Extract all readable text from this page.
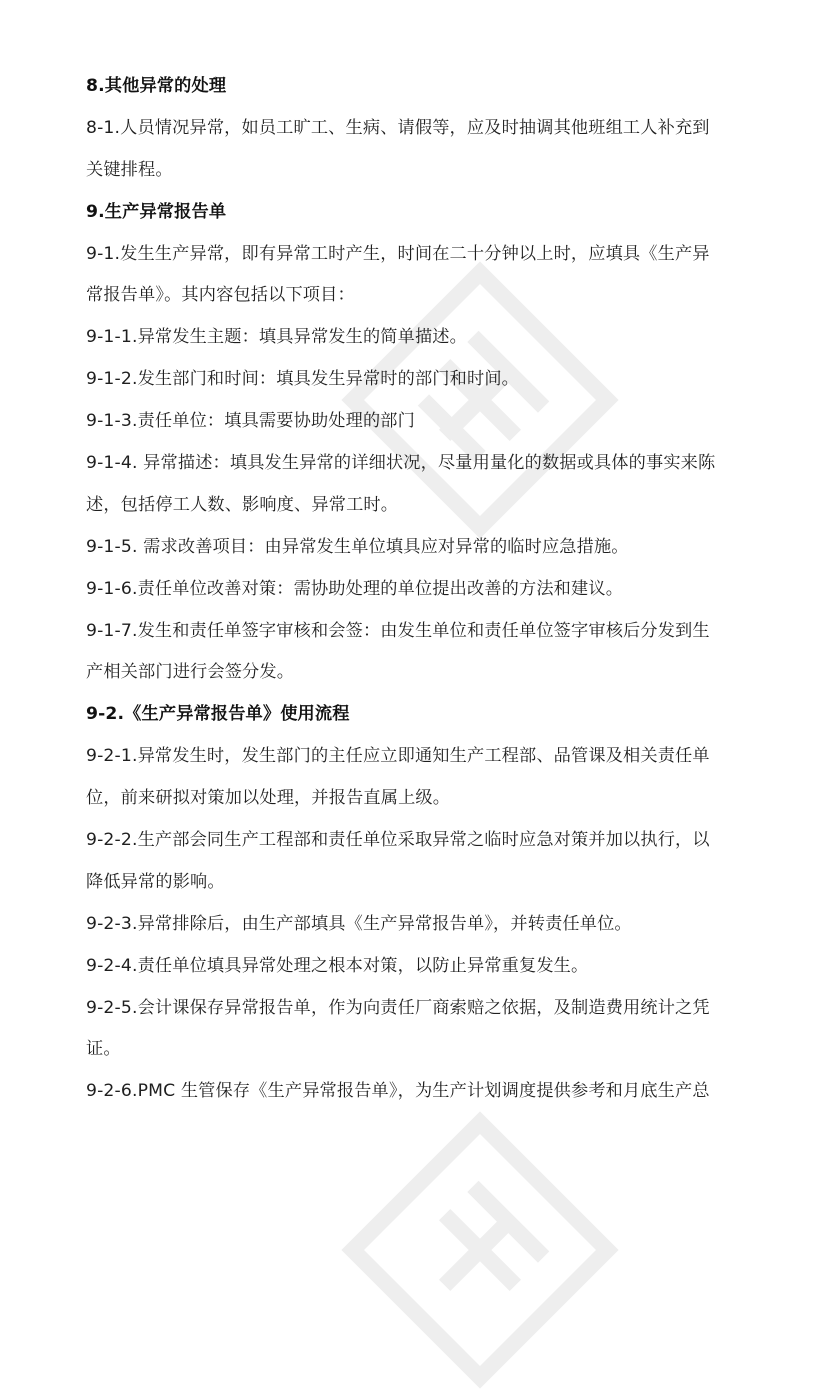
8.其他异常的处理
8-1.人员情况异常，如员工旷工、生病、请假等，应及时抽调其他班组工人补充到
关键排程。
9.生产异常报告单
9-1.发生生产异常，即有异常工时产生，时间在二十分钟以上时，应填具《生产异
常报告单》。其内容包括以下项目：
9-1-1.异常发生主题：填具异常发生的简单描述。
9-1-2.发生部门和时间：填具发生异常时的部门和时间。
9-1-3.责任单位：填具需要协助处理的部门
9-1-4. 异常描述：填具发生异常的详细状况，尽量用量化的数据或具体的事实来陈
述，包括停工人数、影响度、异常工时。
9-1-5. 需求改善项目：由异常发生单位填具应对异常的临时应急措施。
9-1-6.责任单位改善对策：需协助处理的单位提出改善的方法和建议。
9-1-7.发生和责任单签字审核和会签：由发生单位和责任单位签字审核后分发到生
产相关部门进行会签分发。
9-2.《生产异常报告单》使用流程
9-2-1.异常发生时，发生部门的主任应立即通知生产工程部、品管课及相关责任单
位，前来研拟对策加以处理，并报告直属上级。
9-2-2.生产部会同生产工程部和责任单位采取异常之临时应急对策并加以执行，以
降低异常的影响。
9-2-3.异常排除后，由生产部填具《生产异常报告单》，并转责任单位。
9-2-4.责任单位填具异常处理之根本对策，以防止异常重复发生。
9-2-5.会计课保存异常报告单，作为向责任厂商索赔之依据，及制造费用统计之凭
证。
9-2-6.PMC 生管保存《生产异常报告单》，为生产计划调度提供参考和月底生产总
